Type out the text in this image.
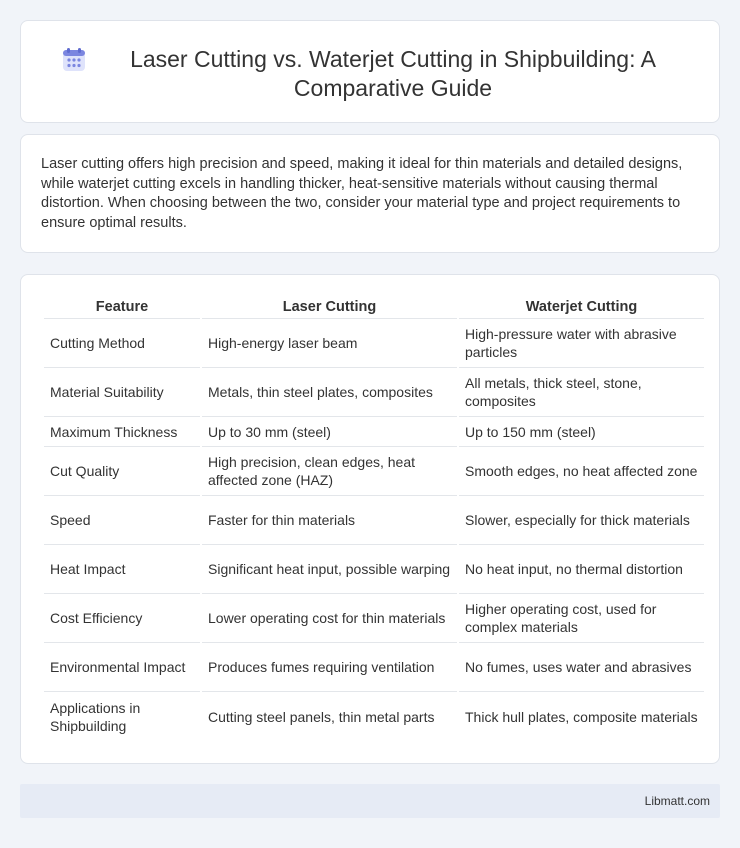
Laser Cutting vs. Waterjet Cutting in Shipbuilding: A Comparative Guide

Laser cutting offers high precision and speed, making it ideal for thin materials and detailed designs, while waterjet cutting excels in handling thicker, heat-sensitive materials without causing thermal distortion. When choosing between the two, consider your material type and project requirements to ensure optimal results.

Feature	Laser Cutting	Waterjet Cutting
Cutting Method	High-energy laser beam	High-pressure water with abrasive particles
Material Suitability	Metals, thin steel plates, composites	All metals, thick steel, stone, composites
Maximum Thickness	Up to 30 mm (steel)	Up to 150 mm (steel)
Cut Quality	High precision, clean edges, heat affected zone (HAZ)	Smooth edges, no heat affected zone
Speed	Faster for thin materials	Slower, especially for thick materials
Heat Impact	Significant heat input, possible warping	No heat input, no thermal distortion
Cost Efficiency	Lower operating cost for thin materials	Higher operating cost, used for complex materials
Environmental Impact	Produces fumes requiring ventilation	No fumes, uses water and abrasives
Applications in Shipbuilding	Cutting steel panels, thin metal parts	Thick hull plates, composite materials
Libmatt.com
